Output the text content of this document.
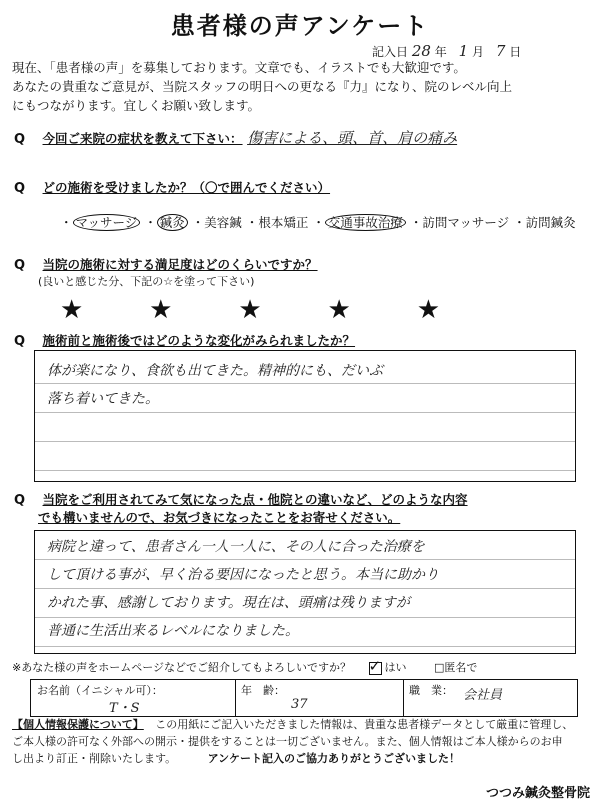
患者様の声アンケート
記入日 28 年 1 月 7 日
現在、「患者様の声」を募集しております。文章でも、イラストでも大歓迎です。
あなたの貴重なご意見が、当院スタッフの明日への更なる『力』になり、院のレベル向上
にもつながります。宜しくお願い致します。
Q 今回ご来院の症状を教えて下さい： 傷害による、頭、首、肩の痛み
Q どの施術を受けましたか？（〇で囲んでください）
・ マッサージ ・ 鍼灸 ・美容鍼 ・根本矯正 ・ 交通事故治療 ・訪問マッサージ ・訪問鍼灸
Q 当院の施術に対する満足度はどのくらいですか？
(良いと感じた分、下記の☆を塗って下さい)
★	★	★	★	★
Q 施術前と施術後ではどのような変化がみられましたか？
体が楽になり、食欲も出てきた。精神的にも、だいぶ
落ち着いてきた。
Q 当院をご利用されてみて気になった点・他院との違いなど、どのような内容
でも構いませんので、お気づきになったことをお寄せください。
病院と違って、患者さん一人一人に、その人に合った治療を
して頂ける事が、早く治る要因になったと思う。本当に助かり
かれた事、感謝しております。現在は、頭痛は残りますが
普通に生活出来るレベルになりました。
※あなた様の声をホームページなどでご紹介してもよろしいですか？ ✓	はい	□匿名で
お名前（イニシャル可）：
T・S
年　齢：
37
職　業： 会社員
【個人情報保護について】 この用紙にご記入いただきました情報は、貴重な患者様データとして厳重に管理し、
ご本人様の許可なく外部への開示・提供をすることは一切ございません。また、個人情報はご本人様からのお申
し出より訂正・削除いたします。	アンケート記入のご協力ありがとうございました！
つつみ鍼灸整骨院
